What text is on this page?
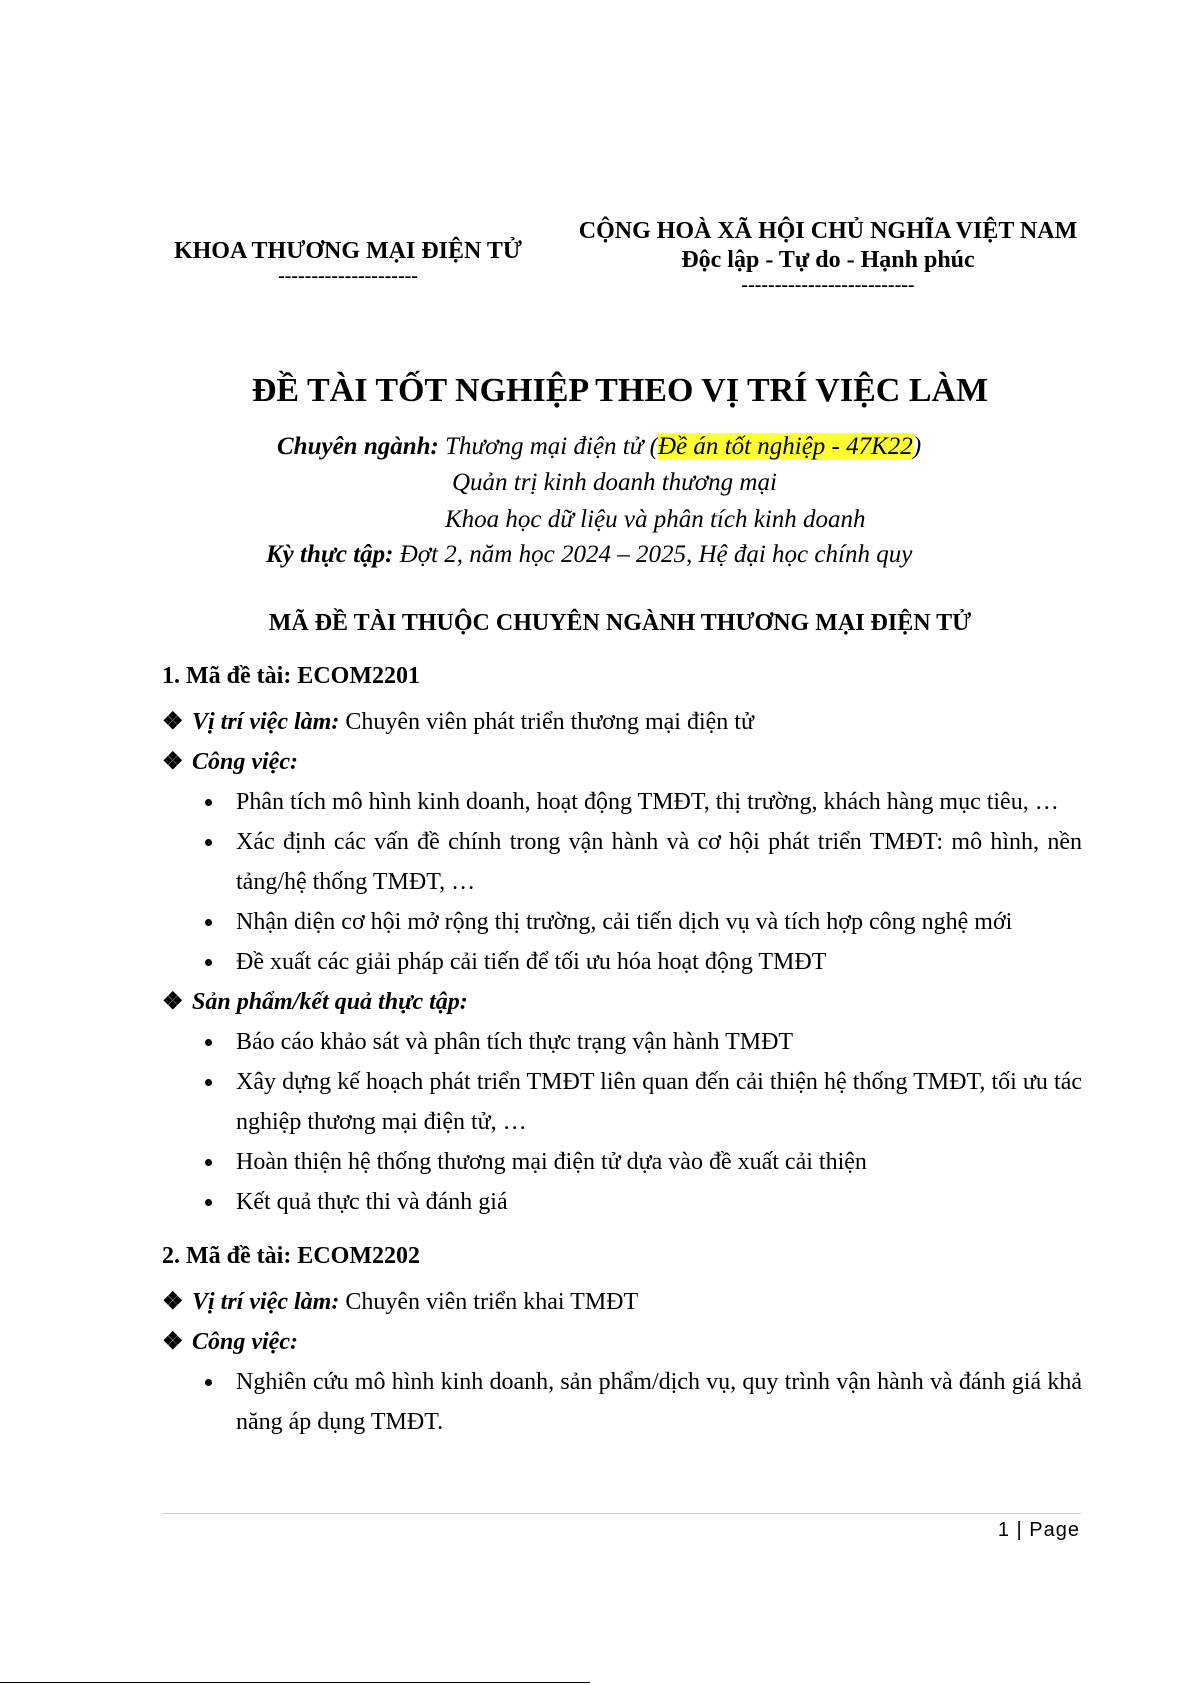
KHOA THƯƠNG MẠI ĐIỆN TỬ
---------------------
CỘNG HOÀ XÃ HỘI CHỦ NGHĨA VIỆT NAM
Độc lập - Tự do - Hạnh phúc
--------------------------
ĐỀ TÀI TỐT NGHIỆP THEO VỊ TRÍ VIỆC LÀM
Chuyên ngành: Thương mại điện tử (Đề án tốt nghiệp - 47K22)
Quản trị kinh doanh thương mại
Khoa học dữ liệu và phân tích kinh doanh
Kỳ thực tập: Đợt 2, năm học 2024 – 2025, Hệ đại học chính quy
MÃ ĐỀ TÀI THUỘC CHUYÊN NGÀNH THƯƠNG MẠI ĐIỆN TỬ

1. Mã đề tài: ECOM2201

❖ Vị trí việc làm: Chuyên viên phát triển thương mại điện tử

❖ Công việc:

Phân tích mô hình kinh doanh, hoạt động TMĐT, thị trường, khách hàng mục tiêu, …
Xác định các vấn đề chính trong vận hành và cơ hội phát triển TMĐT: mô hình, nền tảng/hệ thống TMĐT, …
Nhận diện cơ hội mở rộng thị trường, cải tiến dịch vụ và tích hợp công nghệ mới
Đề xuất các giải pháp cải tiến để tối ưu hóa hoạt động TMĐT

❖ Sản phẩm/kết quả thực tập:

Báo cáo khảo sát và phân tích thực trạng vận hành TMĐT
Xây dựng kế hoạch phát triển TMĐT liên quan đến cải thiện hệ thống TMĐT, tối ưu tác nghiệp thương mại điện tử, …
Hoàn thiện hệ thống thương mại điện tử dựa vào đề xuất cải thiện
Kết quả thực thi và đánh giá

2. Mã đề tài: ECOM2202

❖ Vị trí việc làm: Chuyên viên triển khai TMĐT

❖ Công việc:

Nghiên cứu mô hình kinh doanh, sản phẩm/dịch vụ, quy trình vận hành và đánh giá khả năng áp dụng TMĐT.
1 | Page
